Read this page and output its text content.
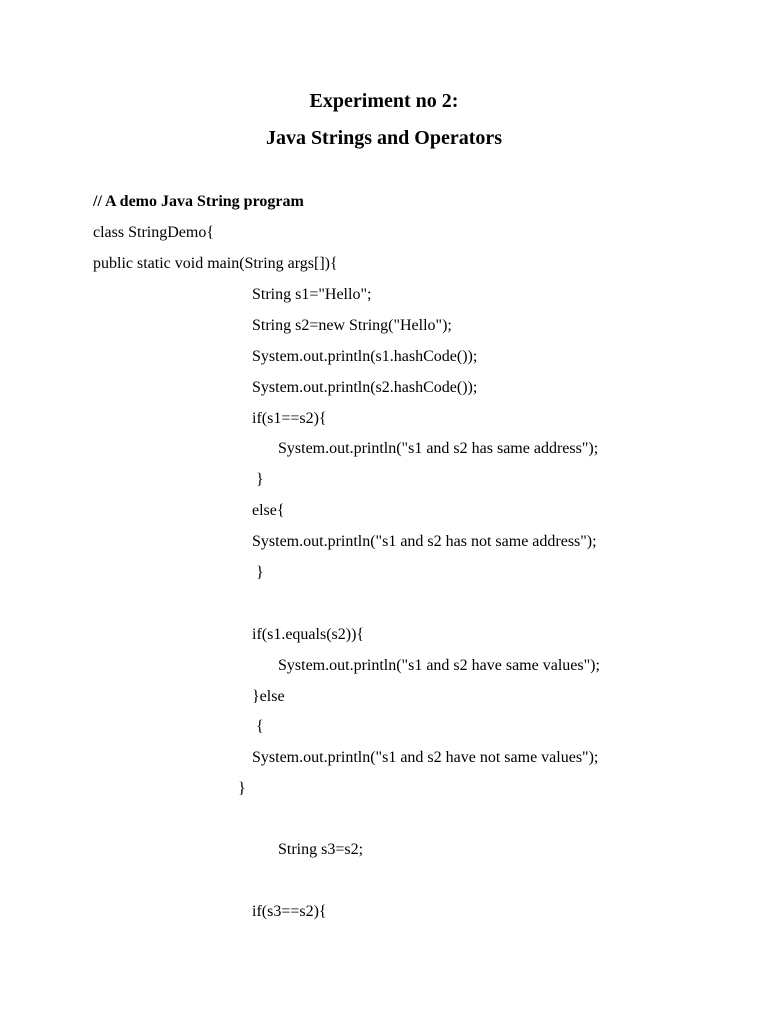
Experiment no 2:
Java Strings and Operators
// A demo Java String program
class StringDemo{
public static void main(String args[]){
String s1="Hello";
String s2=new String("Hello");
System.out.println(s1.hashCode());
System.out.println(s2.hashCode());
if(s1==s2){
System.out.println("s1 and s2 has same address");
}
else{
System.out.println("s1 and s2 has not same address");
}
if(s1.equals(s2)){
System.out.println("s1 and s2 have same values");
}else
{
System.out.println("s1 and s2 have not same values");
}
String s3=s2;
if(s3==s2){
